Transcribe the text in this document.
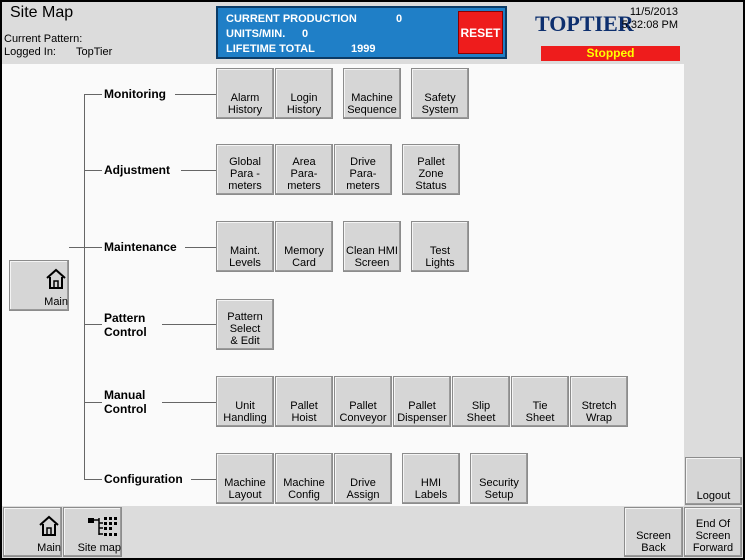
Site Map
Current Pattern:
Logged In: TopTier
CURRENT PRODUCTION	0
UNITS/MIN. 0
LIFETIME TOTAL	1999
RESET TOPTIER
11/5/2013
5:32:08 PM
Stopped
Main
Monitoring
Adjustment
Maintenance
Pattern
Control
Manual
Control
Configuration
Alarm
History
Login
History
Machine
Sequence
Safety
System
Global
Para -
meters
Area
Para-
meters
Drive
Para-
meters
Pallet
Zone
Status
Maint.
Levels
Memory
Card
Clean HMI
Screen
Test
Lights
Pattern
Select
& Edit
Unit
Handling
Pallet
Hoist
Pallet
Conveyor
Pallet
Dispenser
Slip
Sheet
Tie
Sheet
Stretch
Wrap
Machine
Layout
Machine
Config
Drive
Assign
HMI
Labels
Security
Setup	Logout
Main Site map
Screen
Back
End Of
Screen
Forward
